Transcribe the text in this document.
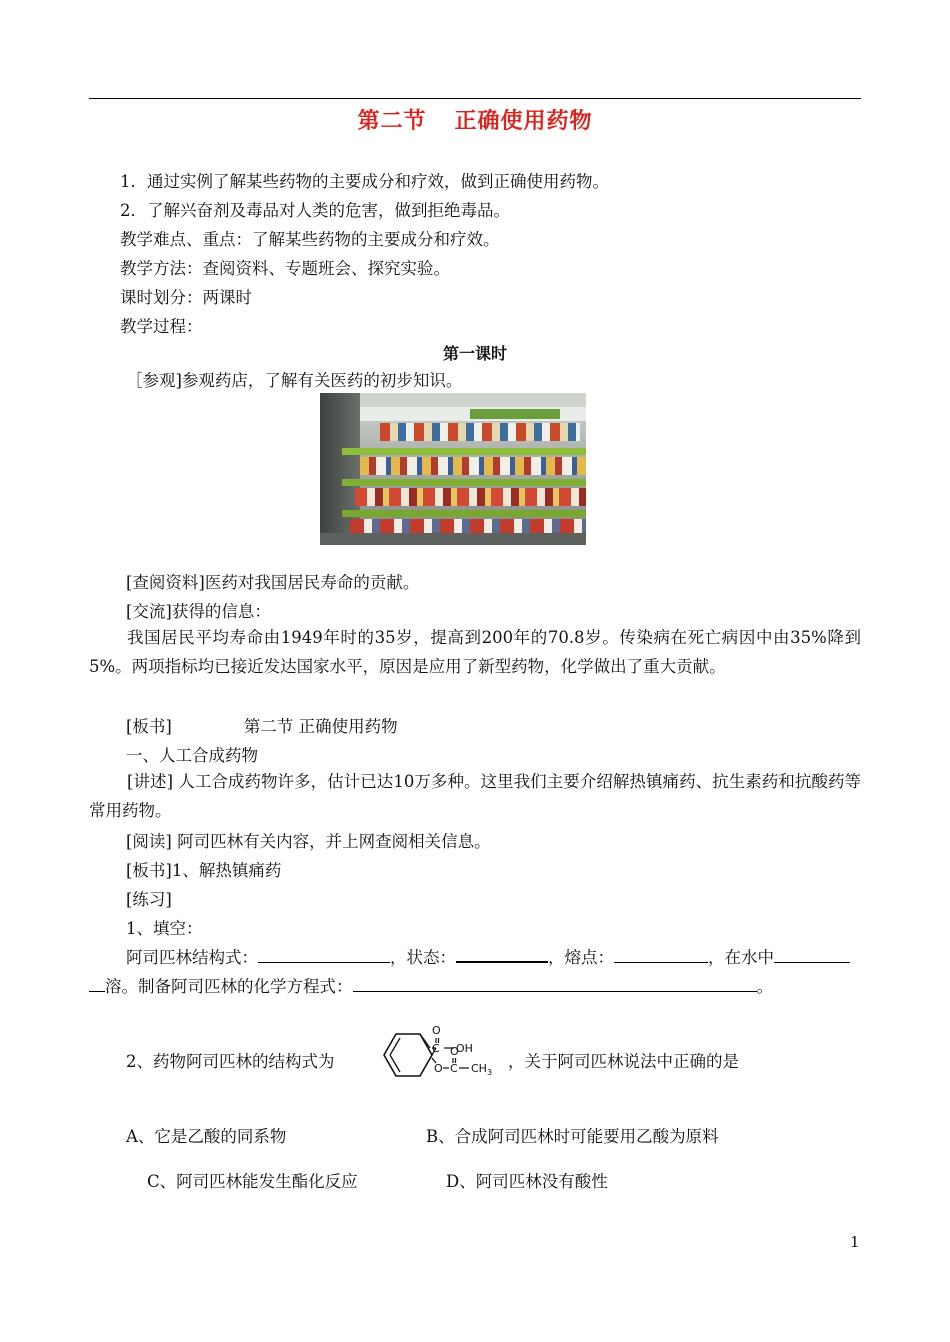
第二节 正确使用药物
1．通过实例了解某些药物的主要成分和疗效，做到正确使用药物。
2．了解兴奋剂及毒品对人类的危害，做到拒绝毒品。
教学难点、重点：了解某些药物的主要成分和疗效。
教学方法：查阅资料、专题班会、探究实验。
课时划分：两课时
教学过程：
第一课时
［参观]参观药店，了解有关医药的初步知识。
[查阅资料]医药对我国居民寿命的贡献。
[交流]获得的信息：
我国居民平均寿命由1949年时的35岁，提高到200年的70.8岁。传染病在死亡病因中由35%降到5%。两项指标均已接近发达国家水平，原因是应用了新型药物，化学做出了重大贡献。
[板书]	第二节 正确使用药物
一、人工合成药物
[讲述] 人工合成药物许多，估计已达10万多种。这里我们主要介绍解热镇痛药、抗生素药和抗酸药等常用药物。
[阅读] 阿司匹林有关内容，并上网查阅相关信息。
[板书]1、解热镇痛药
[练习]
1、填空：
阿司匹林结构式：	，状态：	，熔点：	，在水中
溶。制备阿司匹林的化学方程式：	。
2、药物阿司匹林的结构式为
C
O
OH
O C
O
$CH_3$
，关于阿司匹林说法中正确的是
A、它是乙酸的同系物	B、合成阿司匹林时可能要用乙酸为原料
C、阿司匹林能发生酯化反应	D、阿司匹林没有酸性
1
